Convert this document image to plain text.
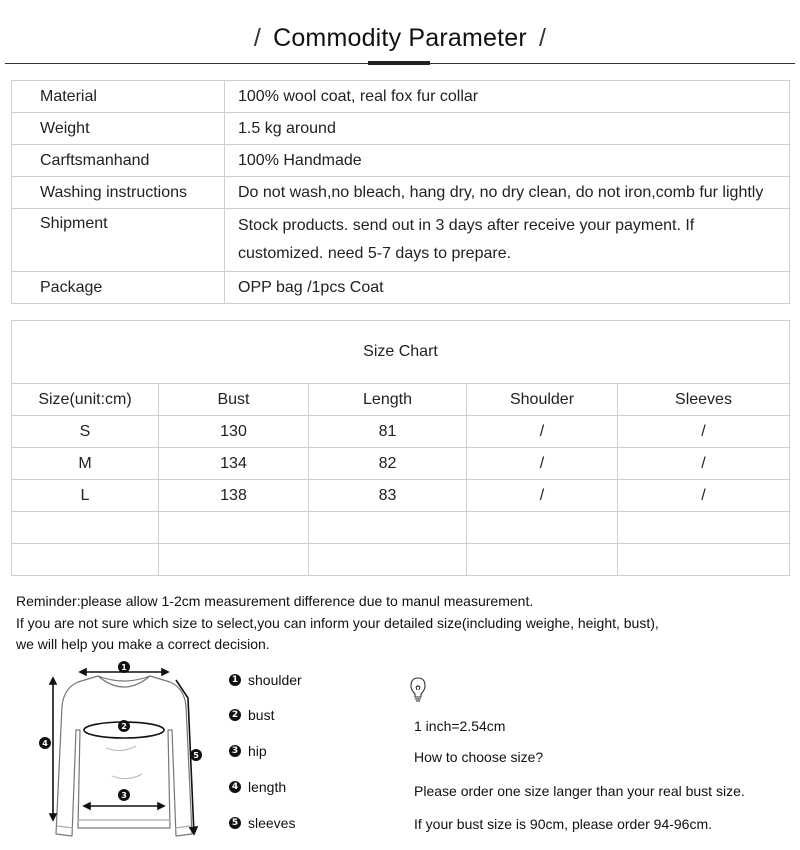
/ Commodity Parameter /
Material	100% wool coat, real fox fur collar
Weight	1.5 kg around
Carftsmanhand	100% Handmade
Washing instructions	Do not wash,no bleach, hang dry, no dry clean, do not iron,comb fur lightly
Shipment	Stock products. send out in 3 days after receive your payment. If
customized. need 5-7 days to prepare.

Package	OPP bag /1pcs Coat
Size Chart				
Size(unit:cm)	Bust	Length	Shoulder	Sleeves
S	130	81	/	/
M	134	82	/	/
L	138	83	/	/

Reminder:please allow 1-2cm measurement difference due to manul measurement.
If you are not sure which size to select,you can inform your detailed size(including weighe, height, bust),
we will help you make a correct decision.
1
2
3
4
5
1 shoulder
2 bust
3 hip
4 length
5 sleeves
1 inch=2.54cm
How to choose size?
Please order one size langer than your real bust size.
If your bust size is 90cm, please order 94-96cm.
